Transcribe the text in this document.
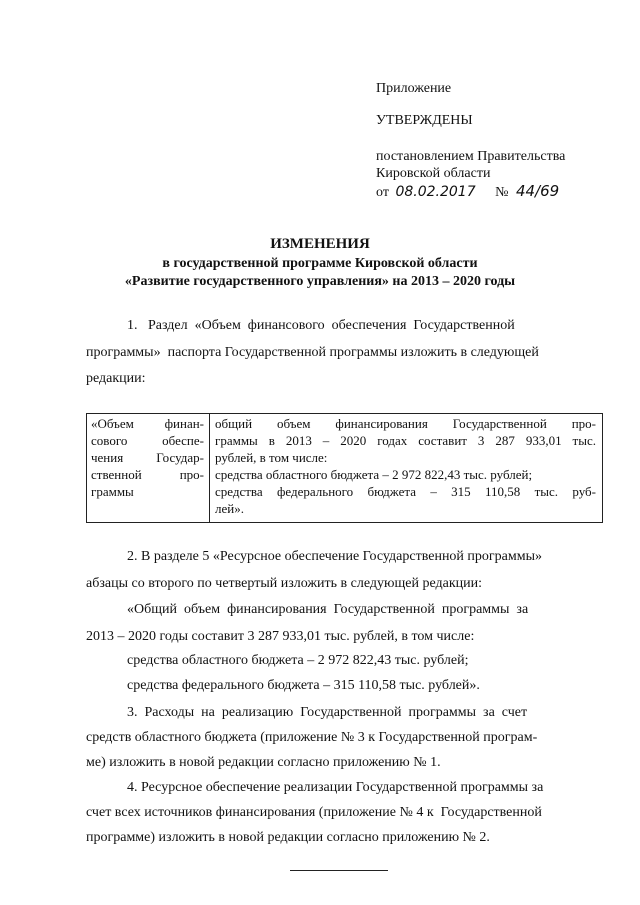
Приложение
УТВЕРЖДЕНЫ
постановлением Правительства
Кировской области
от 08.02.2017 № 44/69
ИЗМЕНЕНИЯ
в государственной программе Кировской области
«Развитие государственного управления» на 2013 – 2020 годы
1.   Раздел  «Объем  финансового  обеспечения  Государственной
программы»  паспорта Государственной программы изложить в следующей
редакции:
«Объем финан-
сового обеспе-
чения Государ-
ственной про-
граммы
общий объем финансирования Государственной про-
граммы в 2013 – 2020 годах составит 3 287 933,01 тыс.
рублей, в том числе:
средства областного бюджета – 2 972 822,43 тыс. рублей;
средства федерального бюджета – 315 110,58 тыс. руб-
лей».
2. В разделе 5 «Ресурсное обеспечение Государственной программы»
абзацы со второго по четвертый изложить в следующей редакции:
«Общий  объем  финансирования  Государственной  программы  за
2013 – 2020 годы составит 3 287 933,01 тыс. рублей, в том числе:
средства областного бюджета – 2 972 822,43 тыс. рублей;
средства федерального бюджета – 315 110,58 тыс. рублей».
3.  Расходы  на  реализацию  Государственной  программы  за  счет
средств областного бюджета (приложение № 3 к Государственной програм-
ме) изложить в новой редакции согласно приложению № 1.
4. Ресурсное обеспечение реализации Государственной программы за
счет всех источников финансирования (приложение № 4 к  Государственной
программе) изложить в новой редакции согласно приложению № 2.
